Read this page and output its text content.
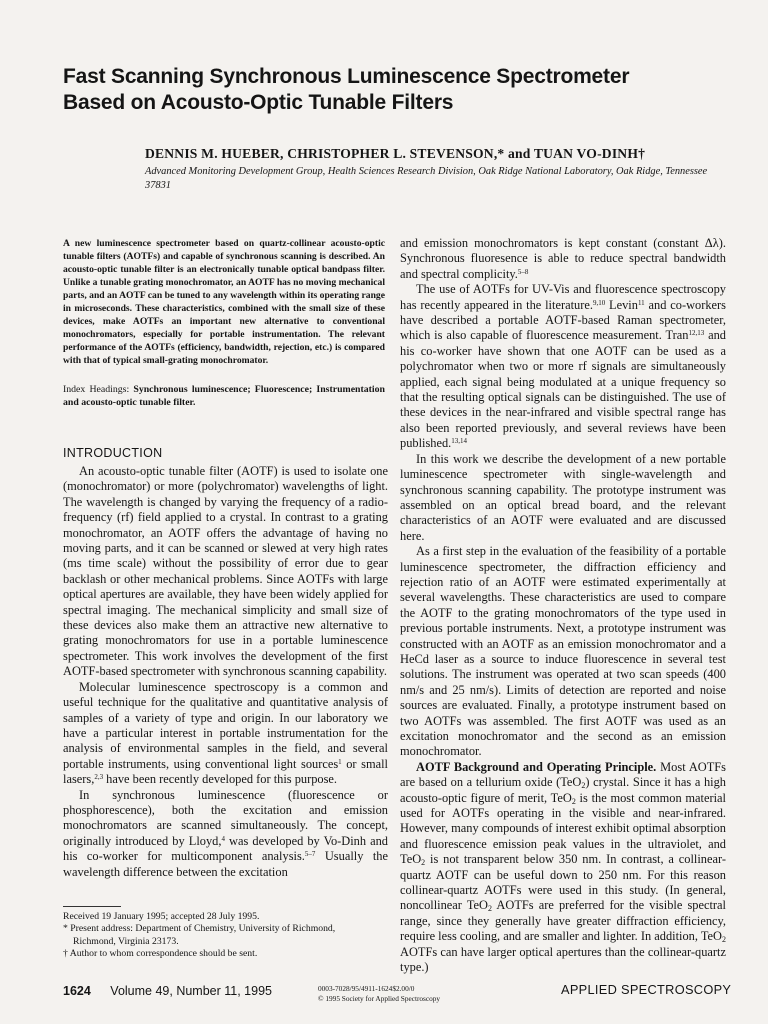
Fast Scanning Synchronous Luminescence Spectrometer
Based on Acousto-Optic Tunable Filters
DENNIS M. HUEBER, CHRISTOPHER L. STEVENSON,* and TUAN VO-DINH†
Advanced Monitoring Development Group, Health Sciences Research Division, Oak Ridge National Laboratory, Oak Ridge, Tennessee 37831
A new luminescence spectrometer based on quartz-collinear acousto-optic tunable filters (AOTFs) and capable of synchronous scanning is described. An acousto-optic tunable filter is an electronically tunable optical bandpass filter. Unlike a tunable grating monochromator, an AOTF has no moving mechanical parts, and an AOTF can be tuned to any wavelength within its operating range in microseconds. These characteristics, combined with the small size of these devices, make AOTFs an important new alternative to conventional monochromators, especially for portable instrumentation. The relevant performance of the AOTFs (efficiency, bandwidth, rejection, etc.) is compared with that of typical small-grating monochromator.
Index Headings: Synchronous luminescence; Fluorescence; Instrumentation and acousto-optic tunable filter.
INTRODUCTION

An acousto-optic tunable filter (AOTF) is used to isolate one (monochromator) or more (polychromator) wavelengths of light. The wavelength is changed by varying the frequency of a radio-frequency (rf) field applied to a crystal. In contrast to a grating monochromator, an AOTF offers the advantage of having no moving parts, and it can be scanned or slewed at very high rates (ms time scale) without the possibility of error due to gear backlash or other mechanical problems. Since AOTFs with large optical apertures are available, they have been widely applied for spectral imaging. The mechanical simplicity and small size of these devices also make them an attractive new alternative to grating monochromators for use in a portable luminescence spectrometer. This work involves the development of the first AOTF-based spectrometer with synchronous scanning capability.

Molecular luminescence spectroscopy is a common and useful technique for the qualitative and quantitative analysis of samples of a variety of type and origin. In our laboratory we have a particular interest in portable instrumentation for the analysis of environmental samples in the field, and several portable instruments, using conventional light sources$^1$ or small lasers,$^{2,3}$ have been recently developed for this purpose.

In synchronous luminescence (fluorescence or phosphorescence), both the excitation and emission monochromators are scanned simultaneously. The concept, originally introduced by Lloyd,$^4$ was developed by Vo-Dinh and his co-worker for multicomponent analysis.$^{5-7}$ Usually the wavelength difference between the excitation

and emission monochromators is kept constant (constant Δλ). Synchronous fluoresence is able to reduce spectral bandwidth and spectral complicity.$^{5-8}$

The use of AOTFs for UV-Vis and fluorescence spectroscopy has recently appeared in the literature.$^{9,10}$ Levin$^{11}$ and co-workers have described a portable AOTF-based Raman spectrometer, which is also capable of fluorescence measurement. Tran$^{12,13}$ and his co-worker have shown that one AOTF can be used as a polychromator when two or more rf signals are simultaneously applied, each signal being modulated at a unique frequency so that the resulting optical signals can be distinguished. The use of these devices in the near-infrared and visible spectral range has also been reported previously, and several reviews have been published.$^{13,14}$

In this work we describe the development of a new portable luminescence spectrometer with single-wavelength and synchronous scanning capability. The prototype instrument was assembled on an optical bread board, and the relevant characteristics of an AOTF were evaluated and are discussed here.

As a first step in the evaluation of the feasibility of a portable luminescence spectrometer, the diffraction efficiency and rejection ratio of an AOTF were estimated experimentally at several wavelengths. These characteristics are used to compare the AOTF to the grating monochromators of the type used in previous portable instruments. Next, a prototype instrument was constructed with an AOTF as an emission monochromator and a HeCd laser as a source to induce fluorescence in several test solutions. The instrument was operated at two scan speeds (400 nm/s and 25 nm/s). Limits of detection are reported and noise sources are evaluated. Finally, a prototype instrument based on two AOTFs was assembled. The first AOTF was used as an excitation monochromator and the second as an emission monochromator.

AOTF Background and Operating Principle. Most AOTFs are based on a tellurium oxide (TeO$_2$) crystal. Since it has a high acousto-optic figure of merit, TeO$_2$ is the most common material used for AOTFs operating in the visible and near-infrared. However, many compounds of interest exhibit optimal absorption and fluorescence emission peak values in the ultraviolet, and TeO$_2$ is not transparent below 350 nm. In contrast, a collinear-quartz AOTF can be useful down to 250 nm. For this reason collinear-quartz AOTFs were used in this study. (In general, noncollinear TeO$_2$ AOTFs are preferred for the visible spectral range, since they generally have greater diffraction efficiency, require less cooling, and are smaller and lighter. In addition, TeO$_2$ AOTFs can have larger optical apertures than the collinear-quartz type.)

Received 19 January 1995; accepted 28 July 1995.
* Present address: Department of Chemistry, University of Richmond,
Richmond, Virginia 23173.
† Author to whom correspondence should be sent.
1624 Volume 49, Number 11, 1995	0003-7028/95/4911-1624$2.00/0
© 1995 Society for Applied Spectroscopy
APPLIED SPECTROSCOPY
